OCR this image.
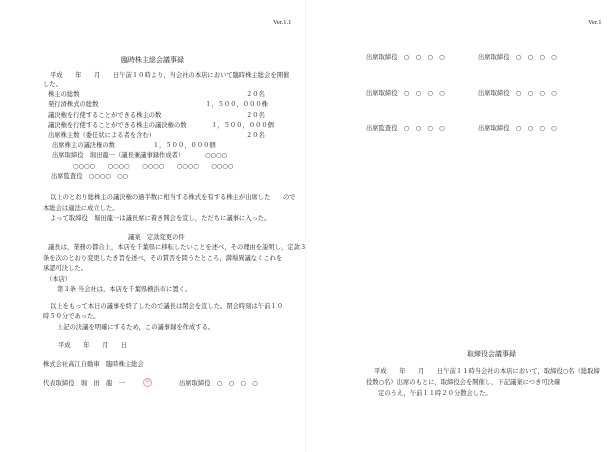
Ver.1.1

臨時株主総会議事録

平成　　年　　月　　日午前１０時より，当会社の本店において臨時株主総会を開催

した。

株主の総数	２０名

発行済株式の総数	１，５００，０００株

議決権を行使することができる株主の数	２０名

議決権を行使することができる株主の議決権の数	１，５００，０００個

出席株主数（委任状による者を含む）	２０名

出席株主の議決権の数　　　　　　１，５００，０００個

出席取締役　堀田龍一（議長兼議事録作成者）	○○○○

○○○○　　○○○○　　○○○○　　○○○○　　○○○○

出席監査役　○○○○　○○

以上のとおり総株主の議決権の過半数に相当する株式を有する株主が出席した　　ので

本総会は適法に成立した。

よって取締役　堀田龍一は議長席に着き開会を宣し，ただちに議事に入った。

議案　定款変更の件

議長は，業務の都合上，本店を千葉県に移転したいことを述べ，その理由を説明し，定款３

条を次のとおり変更したき旨を述べ，その賛否を問うたところ，満場異議なくこれを

承認可決した。

（本店）

第３条 当会社は，本店を千葉県横浜市に置く。

以上をもって本日の議事を終了したので議長は閉会を宣した。閉会時刻は午前１０

時５０分であった。

上記の決議を明確にするため，この議事録を作成する。

平成　　年　　月　　日

株式会社高江自動車　臨時株主総会

代表取締役　堀　田　龍　一	㊞	出席取締役　○　○　○　○

Ver.1

出席取締役　○　○　○　○	出席取締役　○　○　○　○

出席取締役　○　○　○　○	出席取締役　○　○　○　○

出席監査役　○　○　○　○	出席取締役　○　○　○　○

取締役会議事録

平成　　年　　月　　日午前１１時当会社の本店において，取締役○名（総取締

役数○名）出席のもとに，取締役会を開催し，下記議案につき可決確

定のうえ，午前１１時２０分散会した。
